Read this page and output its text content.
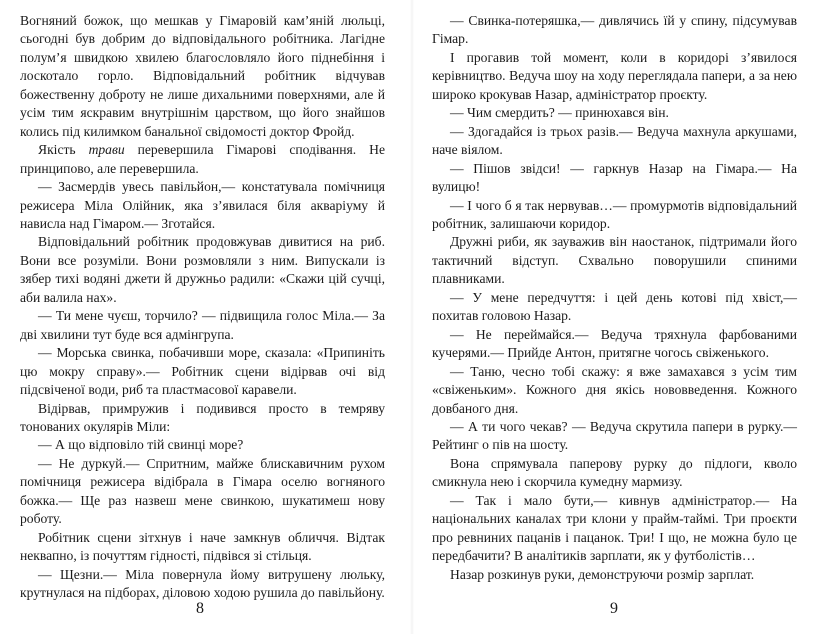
Вогняний божок, що мешкав у Гімаровій кам’яній люльці, сьогодні був добрим до відповідального робітника. Лагідне полум’я швидкою хвилею благословляло його піднебіння і лоскотало горло. Відповідальний робітник відчував божественну доброту не лише дихальними поверхнями, але й усім тим яскравим внутрішнім царством, що його знайшов колись під килимком банальної свідомості доктор Фройд.

Якість трави перевершила Гімарові сподівання. Не принципово, але перевершила.

— Засмердів увесь павільйон,— констатувала помічниця режисера Міла Олійник, яка з’явилася біля акваріуму й нависла над Гімаром.— Зготайся.

Відповідальний робітник продовжував дивитися на риб. Вони все розуміли. Вони розмовляли з ним. Випускали із зябер тихі водяні джети й дружньо радили: «Скажи цій сучці, аби валила нах».

— Ти мене чуєш, торчило? — підвищила голос Міла.— За дві хвилини тут буде вся адмінгрупа.

— Морська свинка, побачивши море, сказала: «Припиніть цю мокру справу».— Робітник сцени відірвав очі від підсвіченої води, риб та пластмасової каравели.

Відірвав, примружив і подивився просто в темряву тонованих окулярів Міли:

— А що відповіло тій свинці море?

— Не дуркуй.— Спритним, майже блискавичним рухом помічниця режисера відібрала в Гімара оселю вогняного божка.— Ще раз назвеш мене свинкою, шукатимеш нову роботу.

Робітник сцени зітхнув і наче замкнув обличчя. Відтак неквапно, із почуттям гідності, підвівся зі стільця.

— Щезни.— Міла повернула йому витрушену люльку, крутнулася на підборах, діловою ходою рушила до павільйону.

— Свинка-потеряшка,— дивлячись їй у спину, підсумував Гімар.

І прогавив той момент, коли в коридорі з’явилося керівництво. Ведуча шоу на ходу переглядала папери, а за нею широко крокував Назар, адміністратор проєкту.

— Чим смердить? — принюхався він.

— Здогадайся із трьох разів.— Ведуча махнула аркушами, наче віялом.

— Пішов звідси! — гаркнув Назар на Гімара.— На вулицю!

— І чого б я так нервував…— промурмотів відповідальний робітник, залишаючи коридор.

Дружні риби, як зауважив він наостанок, підтримали його тактичний відступ. Схвально поворушили спиними плавниками.

— У мене передчуття: і цей день котові під хвіст,— похитав головою Назар.

— Не переймайся.— Ведуча тряхнула фарбованими кучерями.— Прийде Антон, притягне чогось свіженького.

— Таню, чесно тобі скажу: я вже замахався з усім тим «свіженьким». Кожного дня якісь нововведення. Кожного довбаного дня.

— А ти чого чекав? — Ведуча скрутила папери в рурку.— Рейтинг о пів на шосту.

Вона спрямувала паперову рурку до підлоги, кволо смикнула нею і скорчила кумедну мармизу.

— Так і мало бути,— кивнув адміністратор.— На національних каналах три клони у прайм-таймі. Три проєкти про ревниних пацанів і пацанок. Три! І що, не можна було це передбачити? В аналітиків зарплати, як у футболістів…

Назар розкинув руки, демонструючи розмір зарплат.

8	9
